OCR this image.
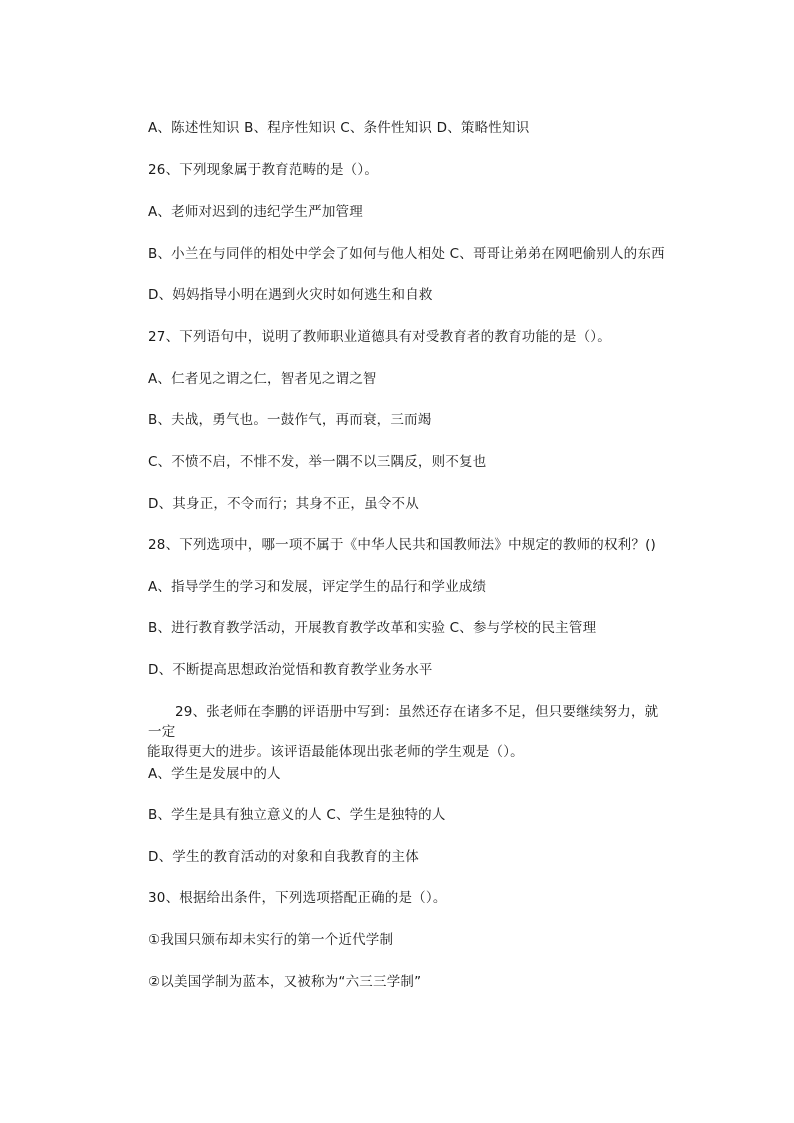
A、陈述性知识 B、程序性知识 C、条件性知识 D、策略性知识
26、下列现象属于教育范畴的是（）。
A、老师对迟到的违纪学生严加管理
B、小兰在与同伴的相处中学会了如何与他人相处 C、哥哥让弟弟在网吧偷别人的东西
D、妈妈指导小明在遇到火灾时如何逃生和自救
27、下列语句中，说明了教师职业道德具有对受教育者的教育功能的是（）。
A、仁者见之谓之仁，智者见之谓之智
B、夫战，勇气也。一鼓作气，再而衰，三而竭
C、不愤不启，不悱不发，举一隅不以三隅反，则不复也
D、其身正，不令而行；其身不正，虽令不从
28、下列选项中，哪一项不属于《中华人民共和国教师法》中规定的教师的权利？()
A、指导学生的学习和发展，评定学生的品行和学业成绩
B、进行教育教学活动，开展教育教学改革和实验 C、参与学校的民主管理
D、不断提高思想政治觉悟和教育教学业务水平
29、张老师在李鹏的评语册中写到：虽然还存在诸多不足，但只要继续努力，就一定
能取得更大的进步。该评语最能体现出张老师的学生观是（）。
A、学生是发展中的人
B、学生是具有独立意义的人 C、学生是独特的人
D、学生的教育活动的对象和自我教育的主体
30、根据给出条件，下列选项搭配正确的是（）。
①我国只颁布却未实行的第一个近代学制
②以美国学制为蓝本，又被称为“六三三学制”
